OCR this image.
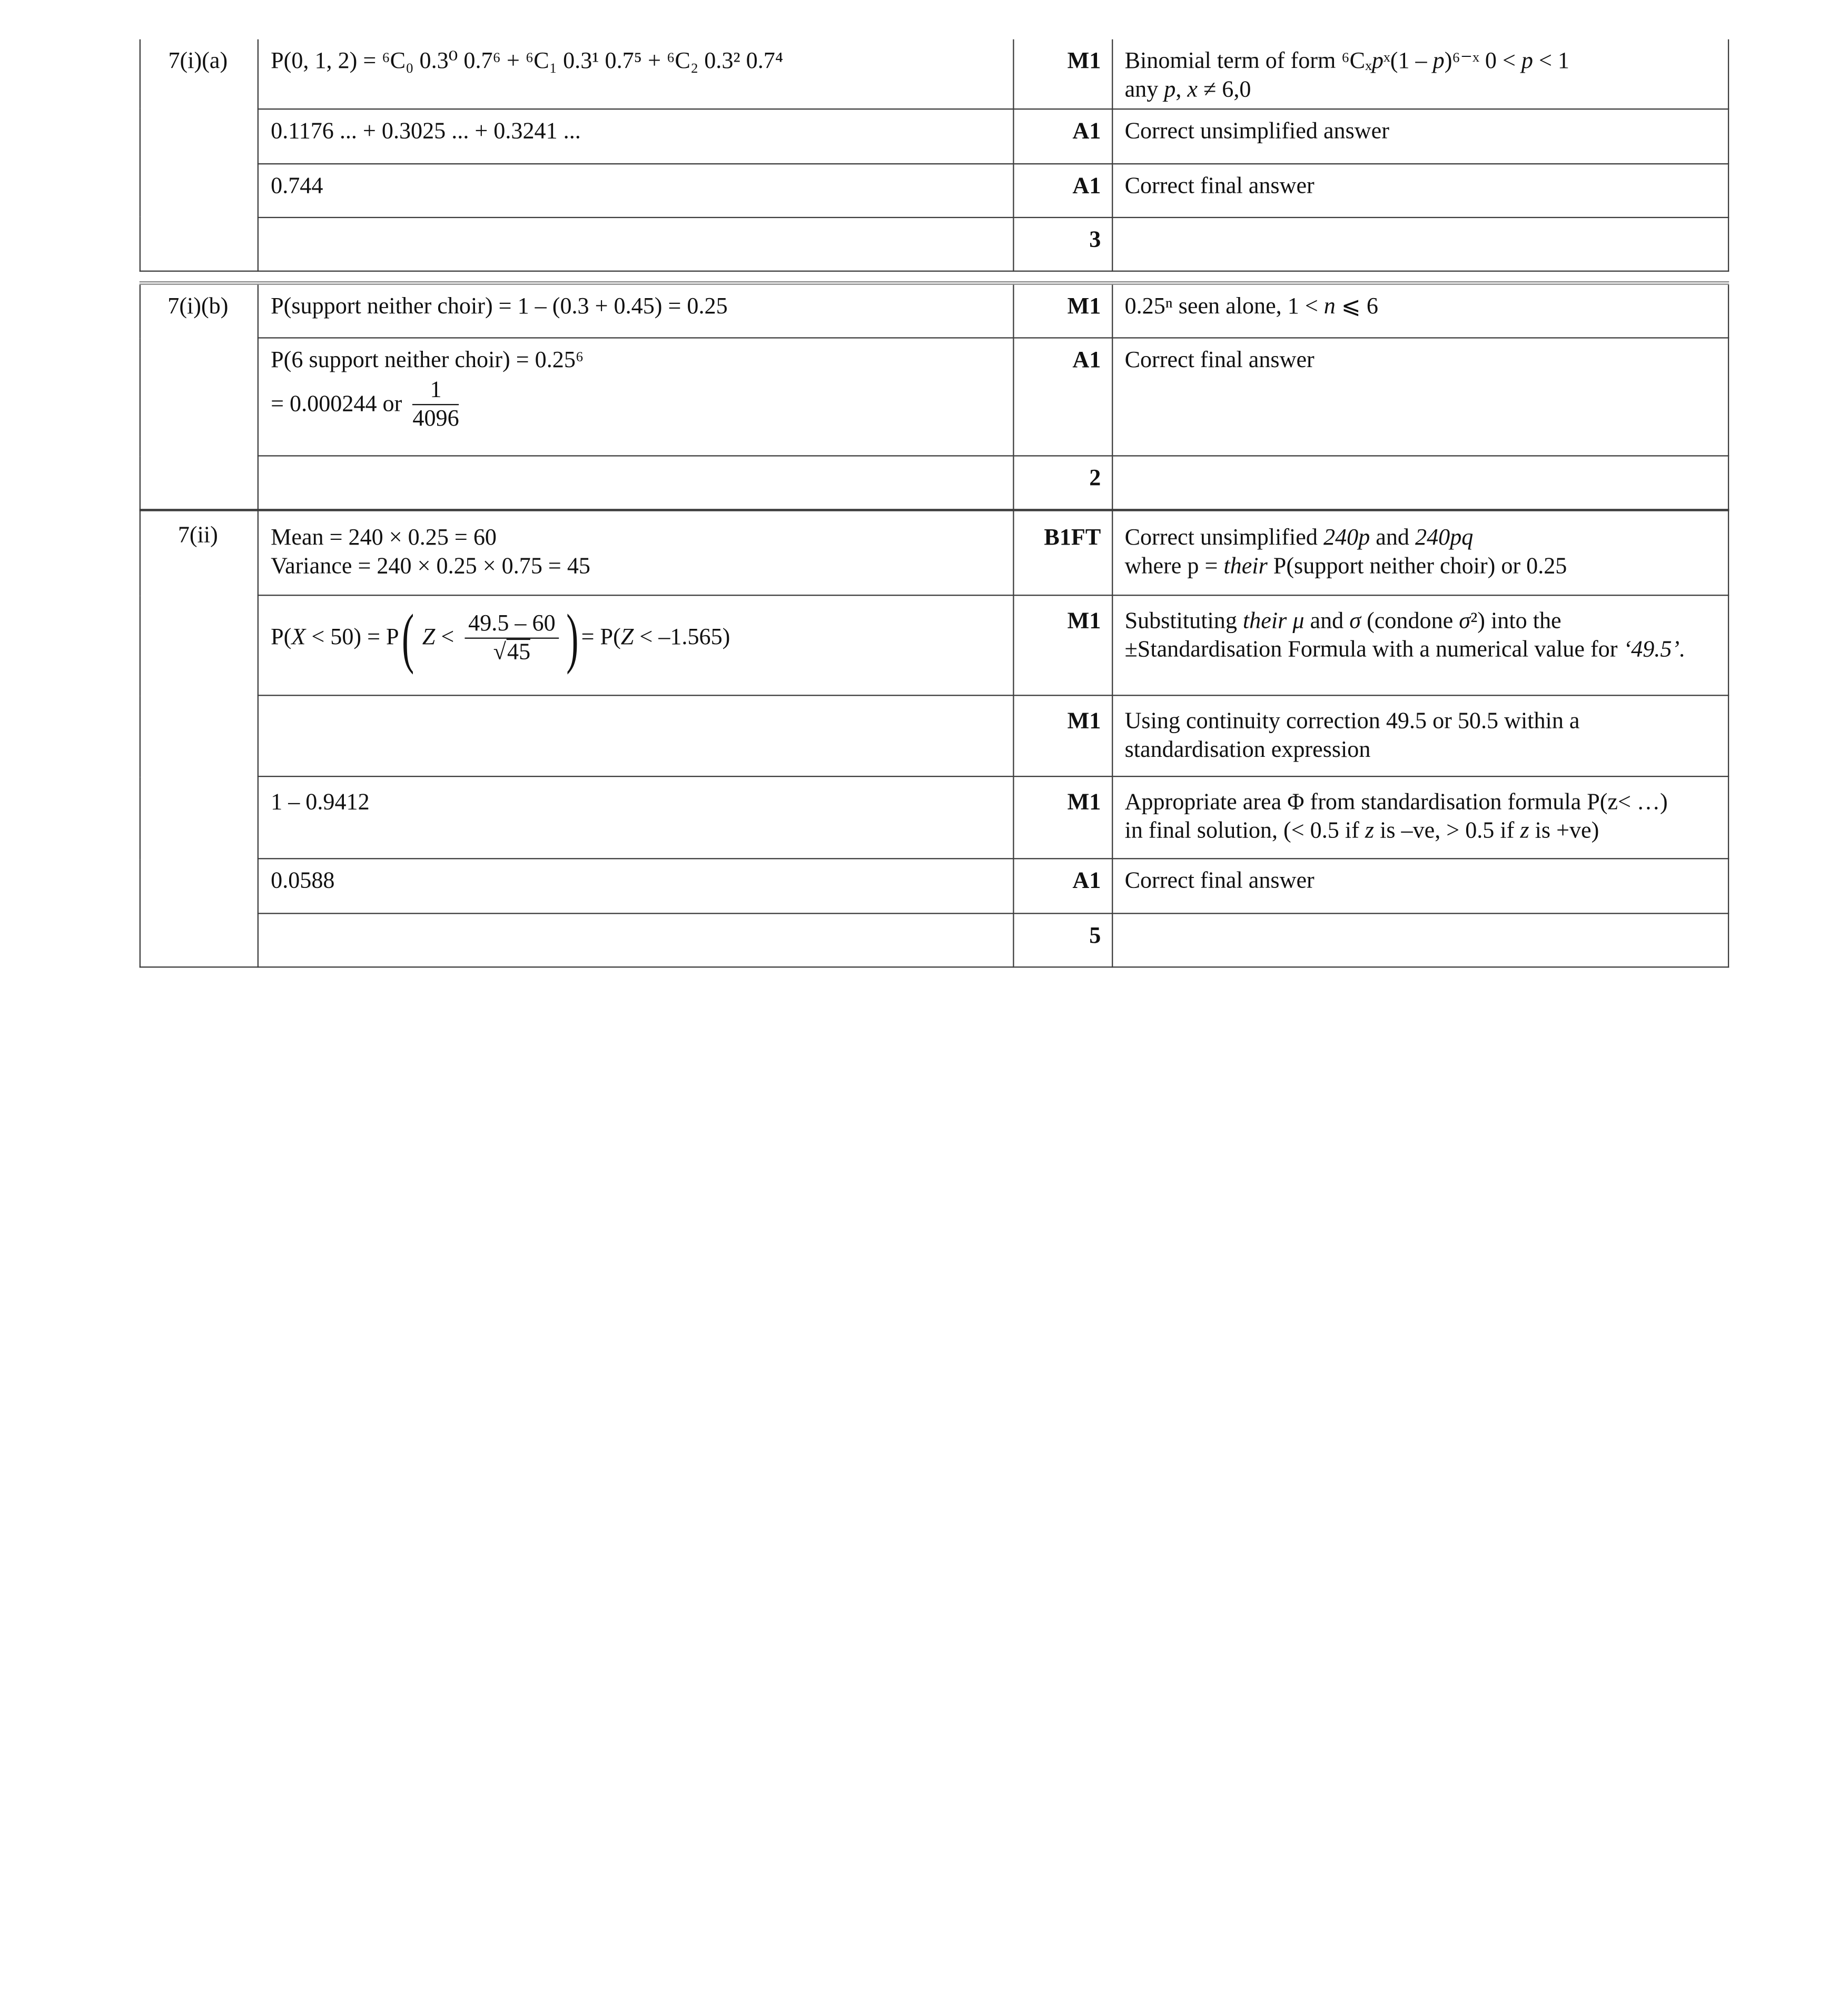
7(i)(a)	P(0, 1, 2) = ⁶C₀ 0.3⁰ 0.7⁶ + ⁶C₁ 0.3¹ 0.7⁵ + ⁶C₂ 0.3² 0.7⁴	M1	Binomial term of form ⁶Cₓpˣ(1 – p)⁶⁻ˣ 0 < p < 1
any p, x ≠ 6,0

	0.1176 ... + 0.3025 ... + 0.3241 ...	A1	Correct unsimplified answer

	0.744	A1	Correct final answer

		3	

7(i)(b)	P(support neither choir) = 1 – (0.3 + 0.45) = 0.25	M1	0.25ⁿ seen alone, 1 < n ⩽ 6

	P(6 support neither choir) = 0.25⁶
= 0.000244 or $\frac{1}{4096}$	A1	Correct final answer

		2	

7(ii)	Mean = 240 × 0.25 = 60
Variance = 240 × 0.25 × 0.75 = 45	B1FT	Correct unsimplified 240p and 240pq
where p = their P(support neither choir) or 0.25

	P(X < 50) = P( $Z < \frac{49.5 - 60}{√ 45}$ ) = P(Z < –1.565)	M1	Substituting their μ and σ (condone σ²) into the
±Standardisation Formula with a numerical value for ‘49.5’.

		M1	Using continuity correction 49.5 or 50.5 within a
standardisation expression

	1 – 0.9412	M1	Appropriate area Φ from standardisation formula P(z< …)
in final solution, (< 0.5 if z is –ve, > 0.5 if z is +ve)

	0.0588	A1	Correct final answer

		5	
